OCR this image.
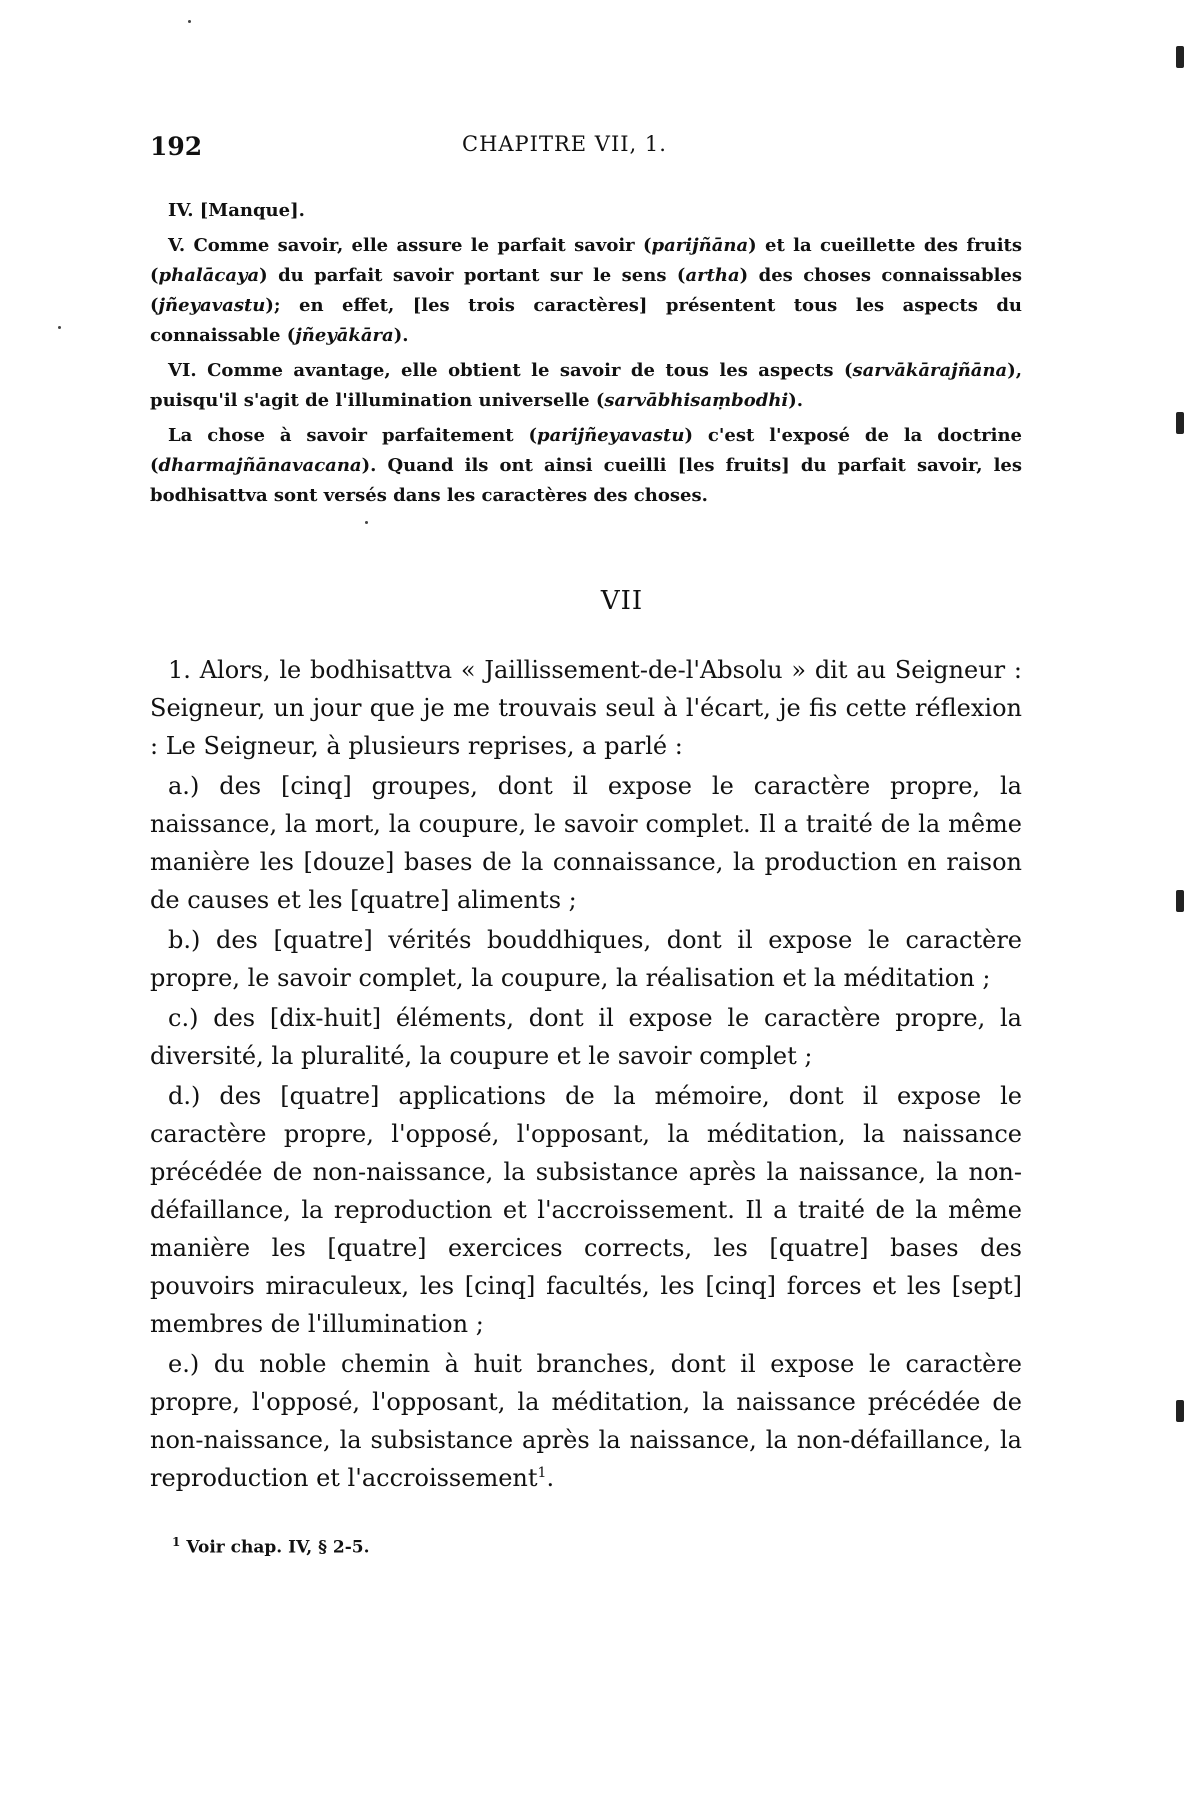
192	CHAPITRE VII, 1.

IV. [Manque].

V. Comme savoir, elle assure le parfait savoir (parijñāna) et la cueillette des fruits (phalācaya) du parfait savoir portant sur le sens (artha) des choses connaissables (jñeyavastu); en effet, [les trois caractères] présentent tous les aspects du connaissable (jñeyākāra).

VI. Comme avantage, elle obtient le savoir de tous les aspects (sarvākārajñāna), puisqu'il s'agit de l'illumination universelle (sarvābhisaṃbodhi).

La chose à savoir parfaitement (parijñeyavastu) c'est l'exposé de la doctrine (dharmajñānavacana). Quand ils ont ainsi cueilli [les fruits] du parfait savoir, les bodhisattva sont versés dans les caractères des choses.

VII

1. Alors, le bodhisattva « Jaillissement-de-l'Absolu » dit au Seigneur : Seigneur, un jour que je me trouvais seul à l'écart, je fis cette réflexion : Le Seigneur, à plusieurs reprises, a parlé :

a.) des [cinq] groupes, dont il expose le caractère propre, la naissance, la mort, la coupure, le savoir complet. Il a traité de la même manière les [douze] bases de la connaissance, la production en raison de causes et les [quatre] aliments ;

b.) des [quatre] vérités bouddhiques, dont il expose le caractère propre, le savoir complet, la coupure, la réalisation et la méditation ;

c.) des [dix-huit] éléments, dont il expose le caractère propre, la diversité, la pluralité, la coupure et le savoir complet ;

d.) des [quatre] applications de la mémoire, dont il expose le caractère propre, l'opposé, l'opposant, la méditation, la naissance précédée de non-naissance, la subsistance après la naissance, la non-défaillance, la reproduction et l'accroissement. Il a traité de la même manière les [quatre] exercices corrects, les [quatre] bases des pouvoirs miraculeux, les [cinq] facultés, les [cinq] forces et les [sept] membres de l'illumination ;

e.) du noble chemin à huit branches, dont il expose le caractère propre, l'opposé, l'opposant, la méditation, la naissance précédée de non-naissance, la subsistance après la naissance, la non-défaillance, la reproduction et l'accroissement$^1$.

$^1$ Voir chap. IV, § 2-5.
